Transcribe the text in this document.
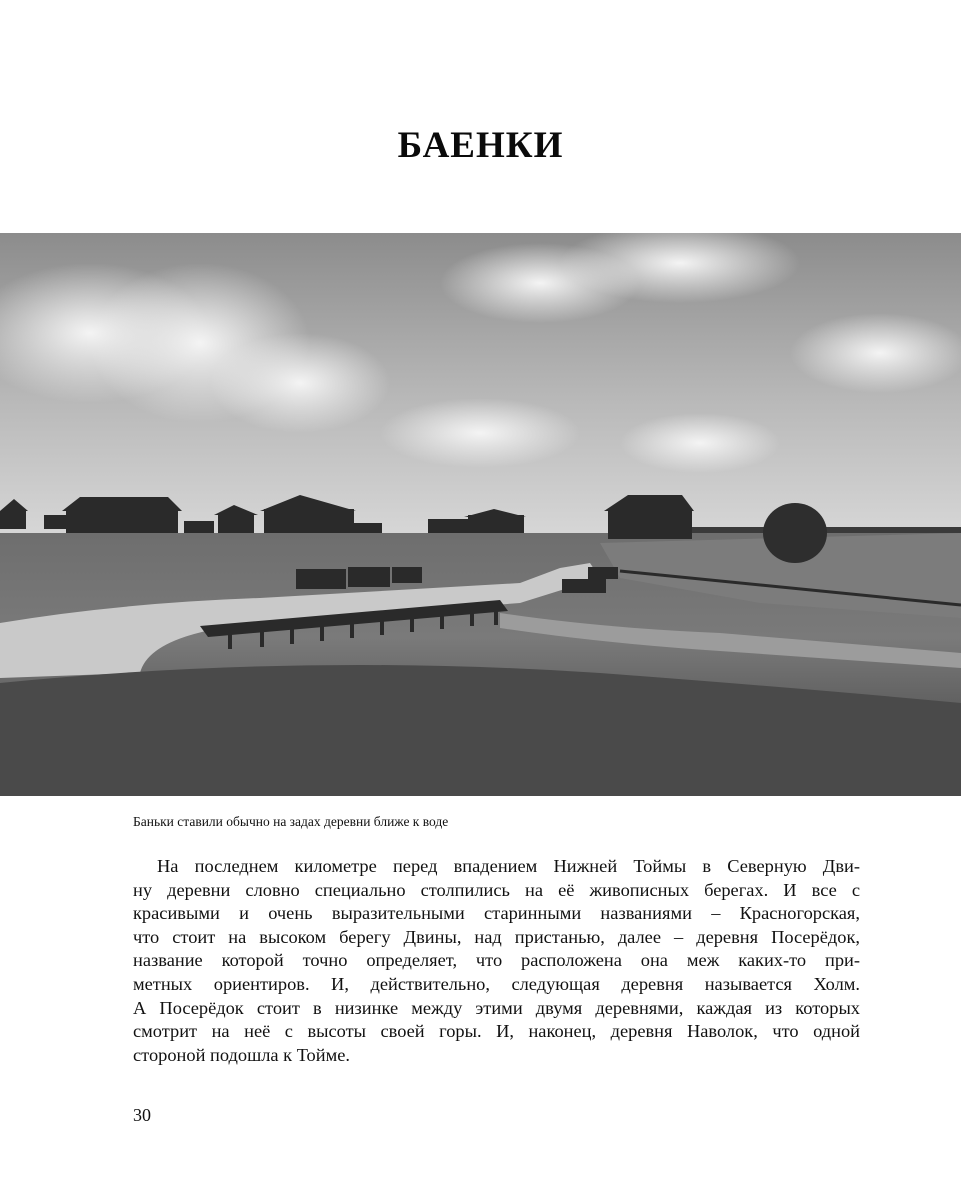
БАЕНКИ
Баньки ставили обычно на задах деревни ближе к воде
На последнем километре перед впадением Нижней Тоймы в Северную Дви-
ну деревни словно специально столпились на её живописных берегах. И все с
красивыми и очень выразительными старинными названиями – Красногорская,
что стоит на высоком берегу Двины, над пристанью, далее – деревня Посерёдок,
название которой точно определяет, что расположена она меж каких-то при-
метных ориентиров. И, действительно, следующая деревня называется Холм.
А Посерёдок стоит в низинке между этими двумя деревнями, каждая из которых
смотрит на неё с высоты своей горы. И, наконец, деревня Наволок, что одной
стороной подошла к Тойме.
30
